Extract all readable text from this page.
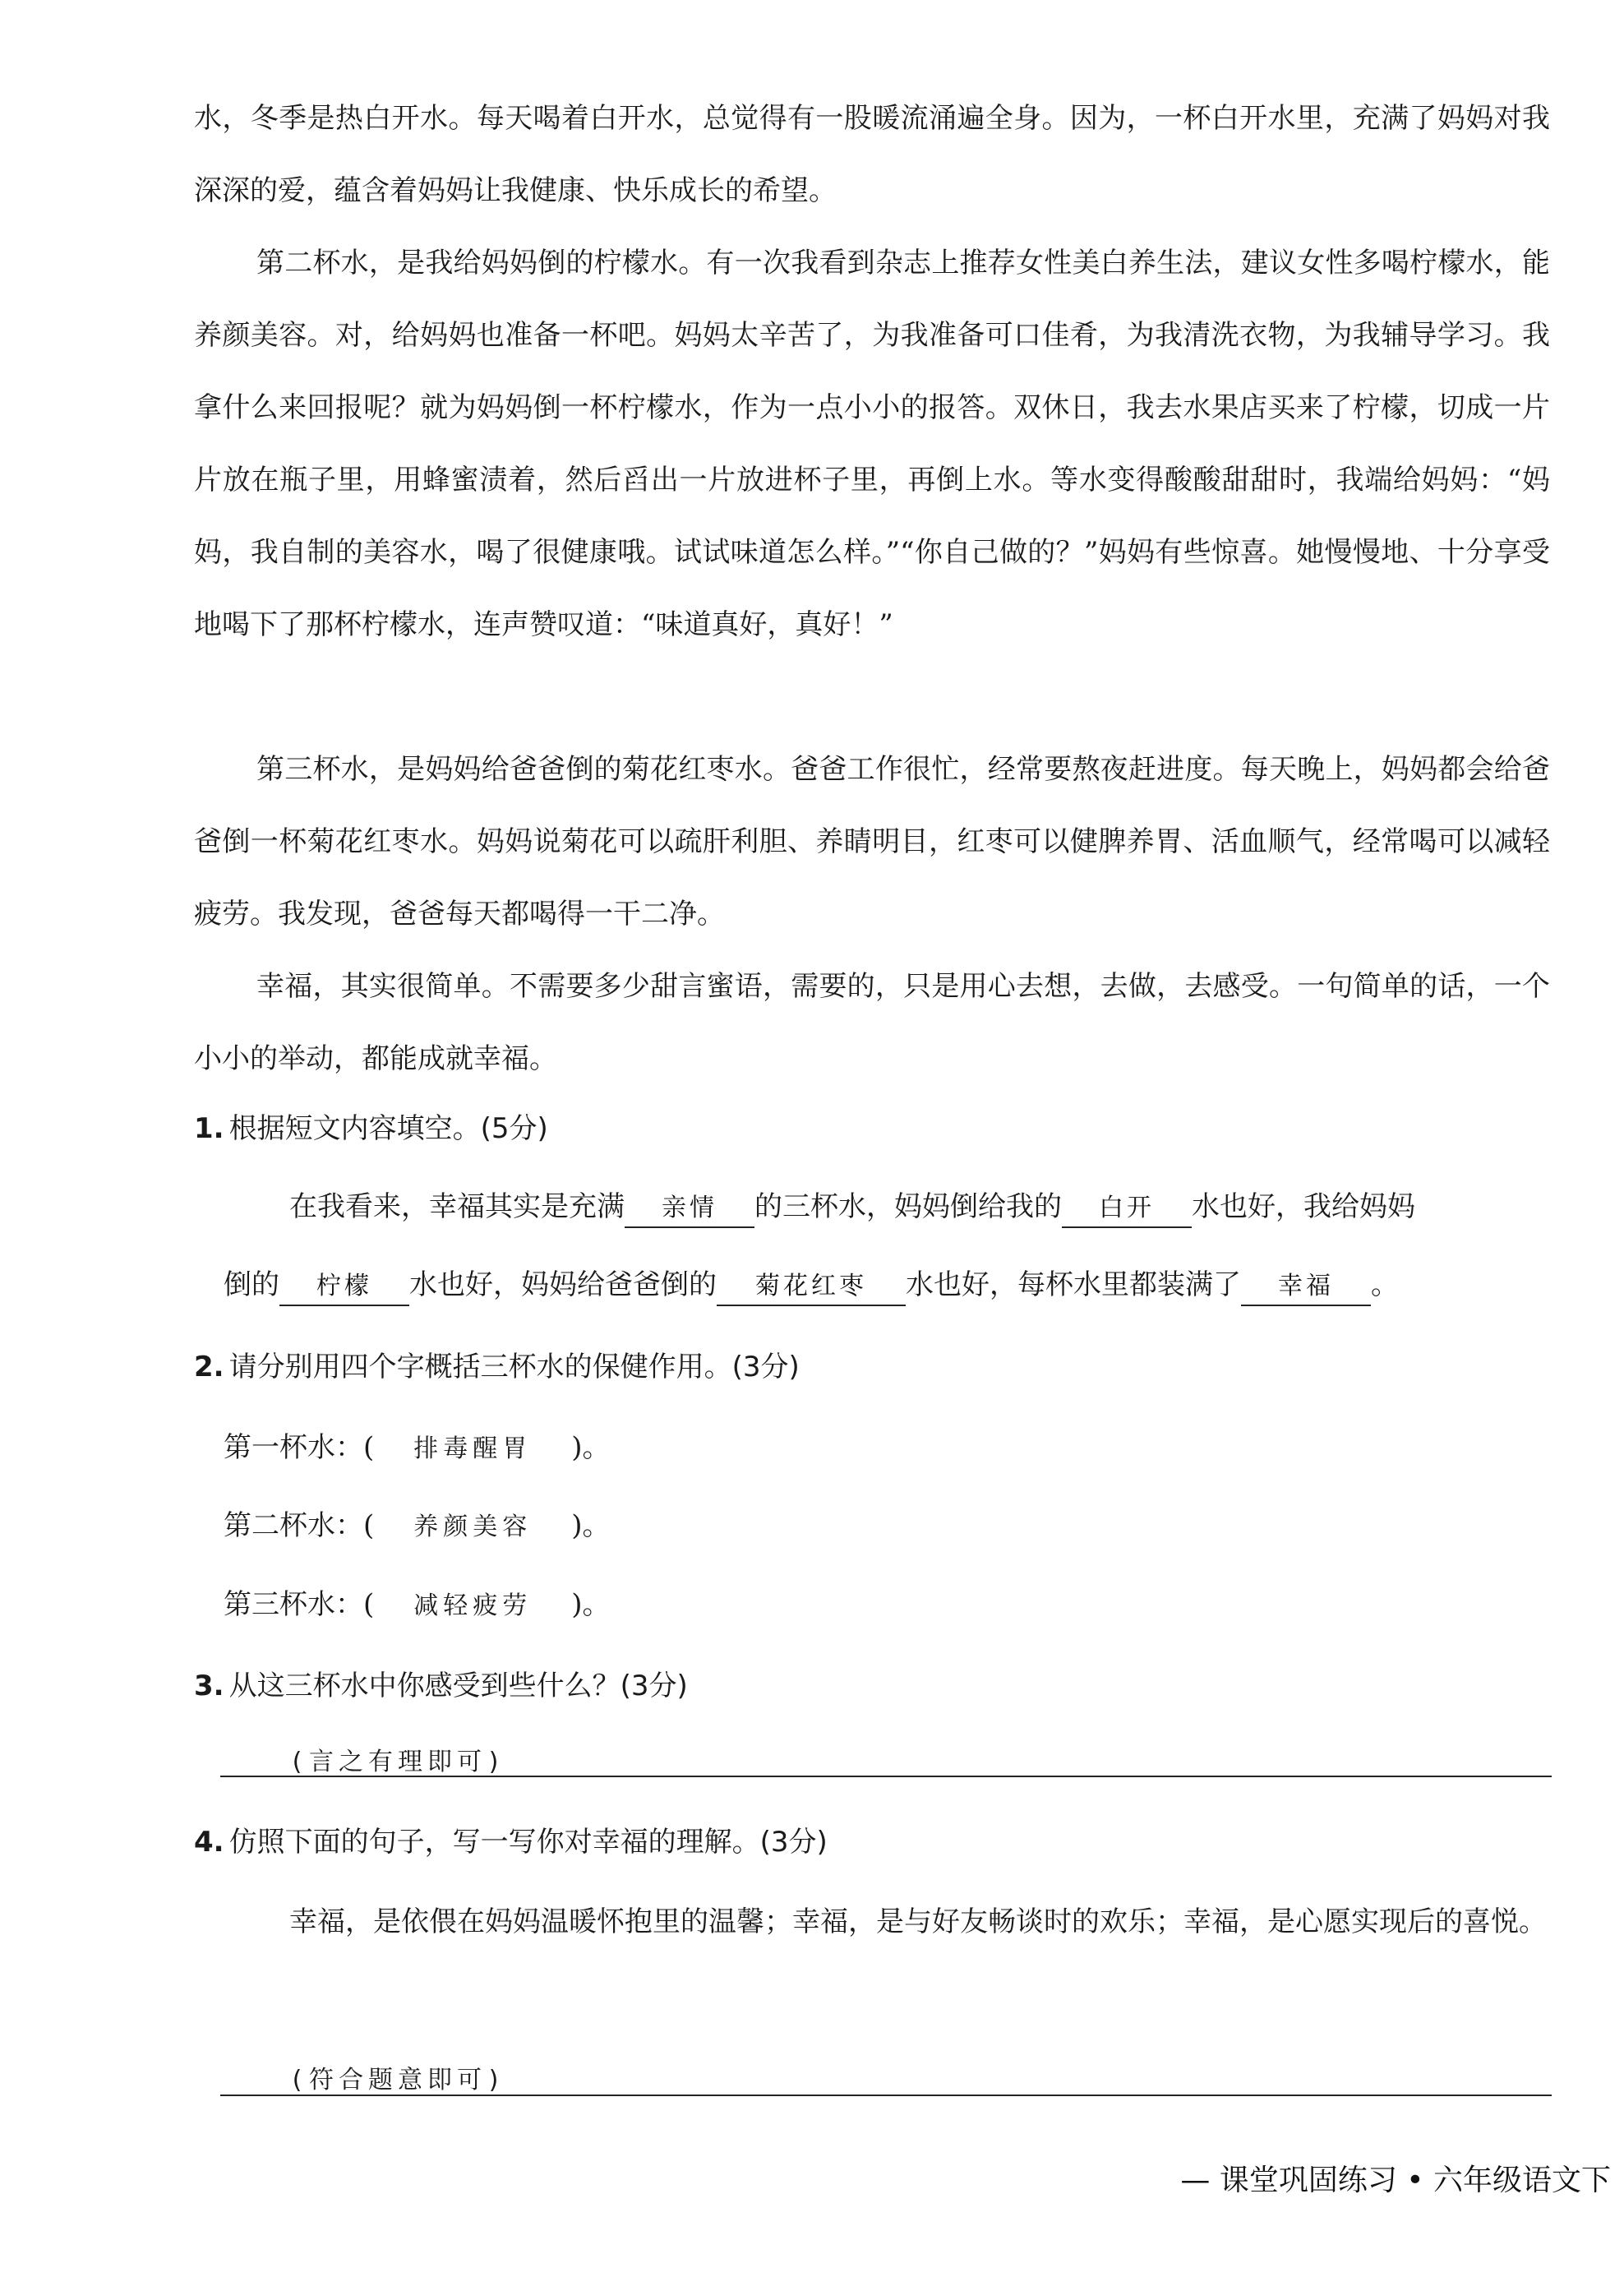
水，冬季是热白开水。每天喝着白开水，总觉得有一股暖流涌遍全身。因为，一杯白开水里，充满了妈妈对我深深的爱，蕴含着妈妈让我健康、快乐成长的希望。

第二杯水，是我给妈妈倒的柠檬水。有一次我看到杂志上推荐女性美白养生法，建议女性多喝柠檬水，能养颜美容。对，给妈妈也准备一杯吧。妈妈太辛苦了，为我准备可口佳肴，为我清洗衣物，为我辅导学习。我拿什么来回报呢？就为妈妈倒一杯柠檬水，作为一点小小的报答。双休日，我去水果店买来了柠檬，切成一片片放在瓶子里，用蜂蜜渍着，然后舀出一片放进杯子里，再倒上水。等水变得酸酸甜甜时，我端给妈妈：“妈妈，我自制的美容水，喝了很健康哦。试试味道怎么样。”“你自己做的？”妈妈有些惊喜。她慢慢地、十分享受地喝下了那杯柠檬水，连声赞叹道：“味道真好，真好！”

第三杯水，是妈妈给爸爸倒的菊花红枣水。爸爸工作很忙，经常要熬夜赶进度。每天晚上，妈妈都会给爸爸倒一杯菊花红枣水。妈妈说菊花可以疏肝利胆、养睛明目，红枣可以健脾养胃、活血顺气，经常喝可以减轻疲劳。我发现，爸爸每天都喝得一干二净。

幸福，其实很简单。不需要多少甜言蜜语，需要的，只是用心去想，去做，去感受。一句简单的话，一个小小的举动，都能成就幸福。

1. 根据短文内容填空。(5分)

在我看来，幸福其实是充满 亲情 的三杯水，妈妈倒给我的 白开 水也好，我给妈妈

倒的 柠檬 水也好，妈妈给爸爸倒的 菊花红枣 水也好，每杯水里都装满了 幸福 。

2. 请分别用四个字概括三杯水的保健作用。(3分)

第一杯水：( 排毒醒胃 )。

第二杯水：( 养颜美容 )。

第三杯水：( 减轻疲劳 )。

3. 从这三杯水中你感受到些什么？(3分)

(言之有理即可)

4. 仿照下面的句子，写一写你对幸福的理解。(3分)

幸福，是依偎在妈妈温暖怀抱里的温馨；幸福，是与好友畅谈时的欢乐；幸福，是心愿实现后的喜悦。

(符合题意即可)

— 课堂巩固练习 • 六年级语文下
